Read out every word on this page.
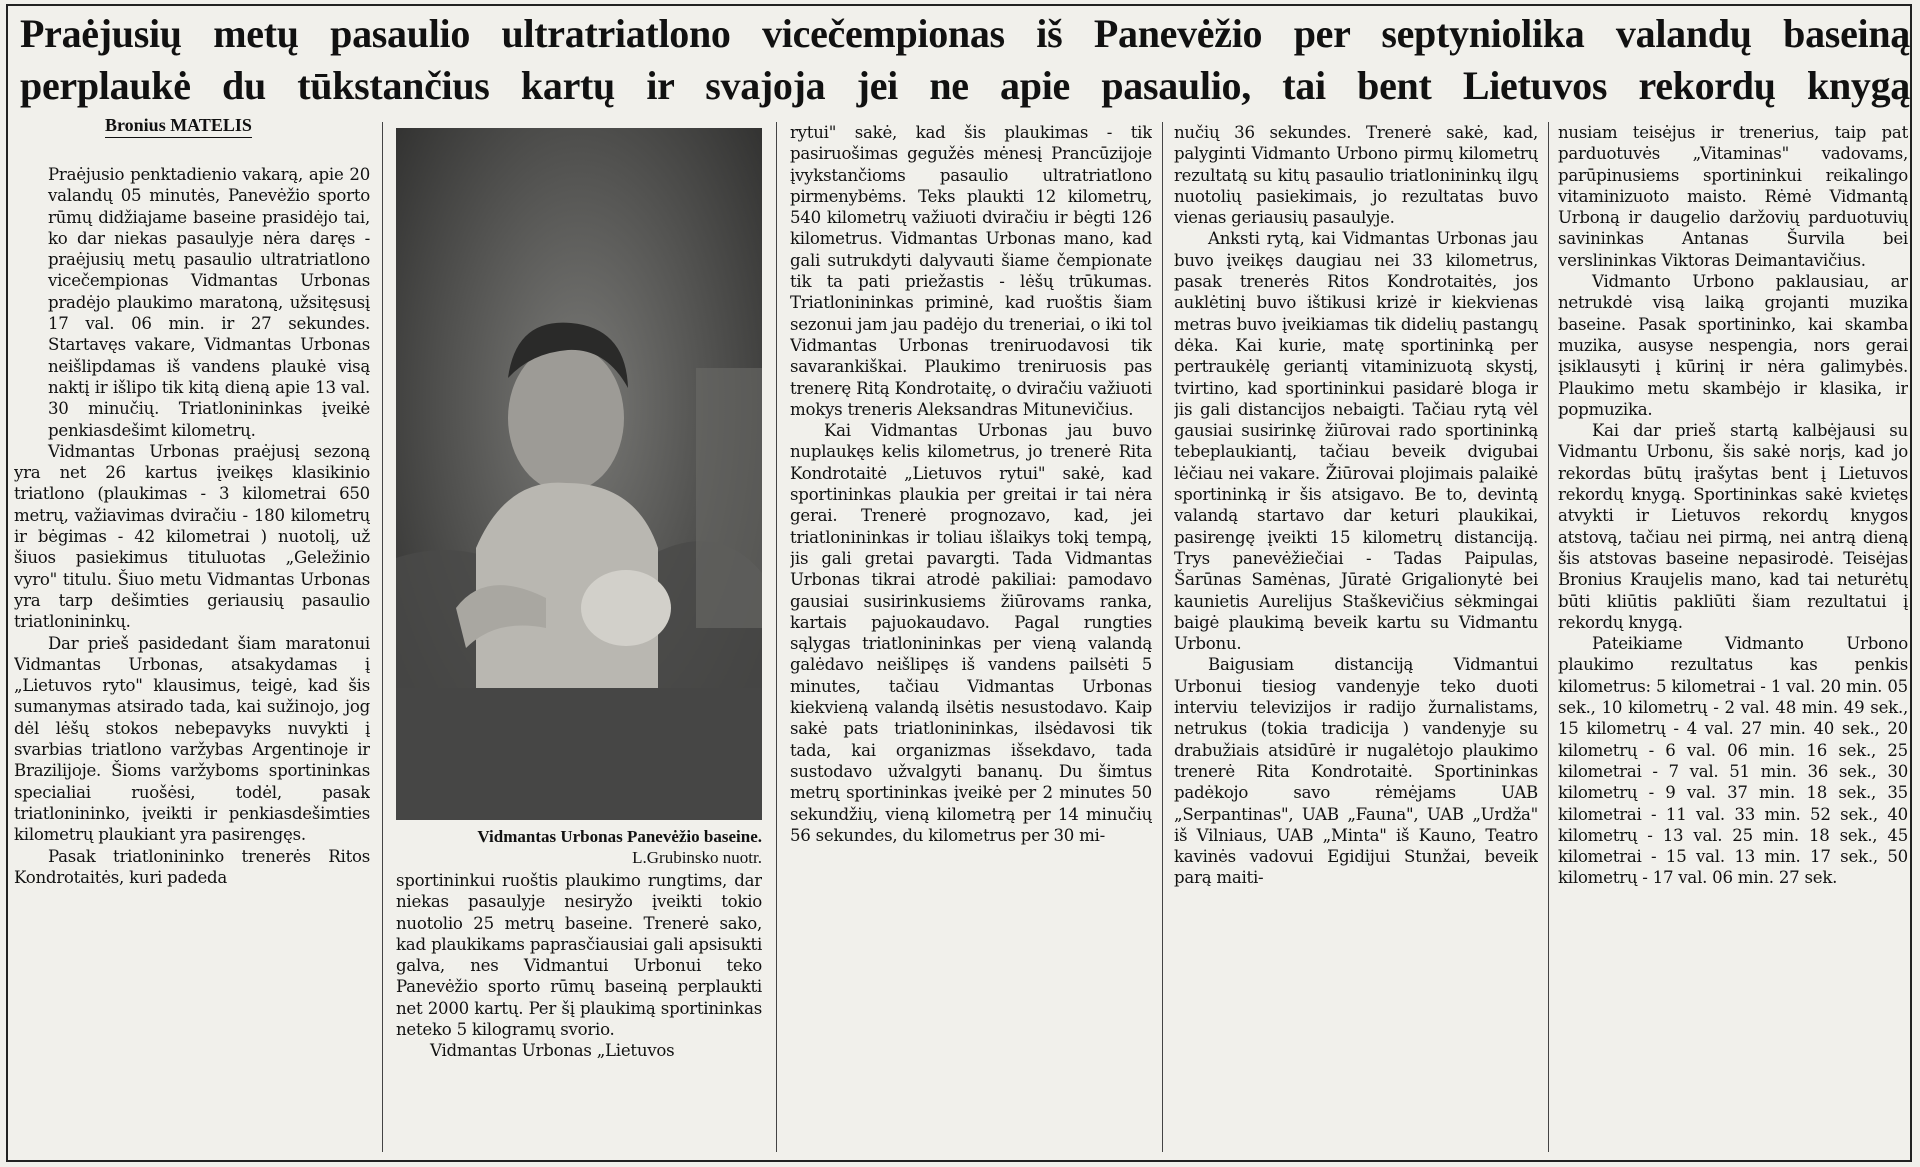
Praėjusių metų pasaulio ultratriatlono vicečempionas iš Panevėžio per septyniolika valandų baseiną
perplaukė du tūkstančius kartų ir svajoja jei ne apie pasaulio, tai bent Lietuvos rekordų knygą
Bronius MATELIS

Praėjusio penktadienio vakarą, apie 20 valandų 05 minutės, Panevėžio sporto rūmų didžiajame baseine prasidėjo tai, ko dar niekas pasaulyje nėra daręs - praėjusių metų pasaulio ultratriatlono vicečempionas Vidmantas Urbonas pradėjo plaukimo maratoną, užsitęsusį 17 val. 06 min. ir 27 sekundes. Startavęs vakare, Vidmantas Urbonas neišlipdamas iš vandens plaukė visą naktį ir išlipo tik kitą dieną apie 13 val. 30 minučių. Triatlonininkas įveikė penkiasdešimt kilometrų.

Vidmantas Urbonas praėjusį sezoną yra net 26 kartus įveikęs klasikinio triatlono (plaukimas - 3 kilometrai 650 metrų, važiavimas dviračiu - 180 kilometrų ir bėgimas - 42 kilometrai ) nuotolį, už šiuos pasiekimus tituluotas „Geležinio vyro" titulu. Šiuo metu Vidmantas Urbonas yra tarp dešimties geriausių pasaulio triatlonininkų.

Dar prieš pasidedant šiam maratonui Vidmantas Urbonas, atsakydamas į „Lietuvos ryto" klausimus, teigė, kad šis sumanymas atsirado tada, kai sužinojo, jog dėl lėšų stokos nebepavyks nuvykti į svarbias triatlono varžybas Argentinoje ir Brazilijoje. Šioms varžyboms sportininkas specialiai ruošėsi, todėl, pasak triatlonininko, įveikti ir penkiasdešimties kilometrų plaukiant yra pasirengęs.

Pasak triatlonininko trenerės Ritos Kondrotaitės, kuri padeda

Vidmantas Urbonas Panevėžio baseine.
L.Grubinsko nuotr.

sportininkui ruoštis plaukimo rungtims, dar niekas pasaulyje nesiryžo įveikti tokio nuotolio 25 metrų baseine. Trenerė sako, kad plaukikams paprasčiausiai gali apsisukti galva, nes Vidmantui Urbonui teko Panevėžio sporto rūmų baseiną perplaukti net 2000 kartų. Per šį plaukimą sportininkas neteko 5 kilogramų svorio.

Vidmantas Urbonas „Lietuvos

rytui" sakė, kad šis plaukimas - tik pasiruošimas gegužės mėnesį Prancūzijoje įvykstančioms pasaulio ultratriatlono pirmenybėms. Teks plaukti 12 kilometrų, 540 kilometrų važiuoti dviračiu ir bėgti 126 kilometrus. Vidmantas Urbonas mano, kad gali sutrukdyti dalyvauti šiame čempionate tik ta pati priežastis - lėšų trūkumas. Triatlonininkas priminė, kad ruoštis šiam sezonui jam jau padėjo du treneriai, o iki tol Vidmantas Urbonas treniruodavosi tik savarankiškai. Plaukimo treniruosis pas trenerę Ritą Kondrotaitę, o dviračiu važiuoti mokys treneris Aleksandras Mitunevičius.

Kai Vidmantas Urbonas jau buvo nuplaukęs kelis kilometrus, jo trenerė Rita Kondrotaitė „Lietuvos rytui" sakė, kad sportininkas plaukia per greitai ir tai nėra gerai. Trenerė prognozavo, kad, jei triatlonininkas ir toliau išlaikys tokį tempą, jis gali gretai pavargti. Tada Vidmantas Urbonas tikrai atrodė pakiliai: pamodavo gausiai susirinkusiems žiūrovams ranka, kartais pajuokaudavo. Pagal rungties sąlygas triatlonininkas per vieną valandą galėdavo neišlipęs iš vandens pailsėti 5 minutes, tačiau Vidmantas Urbonas kiekvieną valandą ilsėtis nesustodavo. Kaip sakė pats triatlonininkas, ilsėdavosi tik tada, kai organizmas išsekdavo, tada sustodavo užvalgyti bananų. Du šimtus metrų sportininkas įveikė per 2 minutes 50 sekundžių, vieną kilometrą per 14 minučių 56 sekundes, du kilometrus per 30 mi-

nučių 36 sekundes. Trenerė sakė, kad, palyginti Vidmanto Urbono pirmų kilometrų rezultatą su kitų pasaulio triatlonininkų ilgų nuotolių pasiekimais, jo rezultatas buvo vienas geriausių pasaulyje.

Anksti rytą, kai Vidmantas Urbonas jau buvo įveikęs daugiau nei 33 kilometrus, pasak trenerės Ritos Kondrotaitės, jos auklėtinį buvo ištikusi krizė ir kiekvienas metras buvo įveikiamas tik didelių pastangų dėka. Kai kurie, matę sportininką per pertraukėlę geriantį vitaminizuotą skystį, tvirtino, kad sportininkui pasidarė bloga ir jis gali distancijos nebaigti. Tačiau rytą vėl gausiai susirinkę žiūrovai rado sportininką tebeplaukiantį, tačiau beveik dvigubai lėčiau nei vakare. Žiūrovai plojimais palaikė sportininką ir šis atsigavo. Be to, devintą valandą startavo dar keturi plaukikai, pasirengę įveikti 15 kilometrų distanciją. Trys panevėžiečiai - Tadas Paipulas, Šarūnas Samėnas, Jūratė Grigalionytė bei kaunietis Aurelijus Staškevičius sėkmingai baigė plaukimą beveik kartu su Vidmantu Urbonu.

Baigusiam distanciją Vidmantui Urbonui tiesiog vandenyje teko duoti interviu televizijos ir radijo žurnalistams, netrukus (tokia tradicija ) vandenyje su drabužiais atsidūrė ir nugalėtojo plaukimo trenerė Rita Kondrotaitė. Sportininkas padėkojo savo rėmėjams UAB „Serpantinas", UAB „Fauna", UAB „Urdža" iš Vilniaus, UAB „Minta" iš Kauno, Teatro kavinės vadovui Egidijui Stunžai, beveik parą maiti-

nusiam teisėjus ir trenerius, taip pat parduotuvės „Vitaminas" vadovams, parūpinusiems sportininkui reikalingo vitaminizuoto maisto. Rėmė Vidmantą Urboną ir daugelio daržovių parduotuvių savininkas Antanas Šurvila bei verslininkas Viktoras Deimantavičius.

Vidmanto Urbono paklausiau, ar netrukdė visą laiką grojanti muzika baseine. Pasak sportininko, kai skamba muzika, ausyse nespengia, nors gerai įsiklausyti į kūrinį ir nėra galimybės. Plaukimo metu skambėjo ir klasika, ir popmuzika.

Kai dar prieš startą kalbėjausi su Vidmantu Urbonu, šis sakė norįs, kad jo rekordas būtų įrašytas bent į Lietuvos rekordų knygą. Sportininkas sakė kvietęs atvykti ir Lietuvos rekordų knygos atstovą, tačiau nei pirmą, nei antrą dieną šis atstovas baseine nepasirodė. Teisėjas Bronius Kraujelis mano, kad tai neturėtų būti kliūtis pakliūti šiam rezultatui į rekordų knygą.

Pateikiame Vidmanto Urbono plaukimo rezultatus kas penkis kilometrus: 5 kilometrai - 1 val. 20 min. 05 sek., 10 kilometrų - 2 val. 48 min. 49 sek., 15 kilometrų - 4 val. 27 min. 40 sek., 20 kilometrų - 6 val. 06 min. 16 sek., 25 kilometrai - 7 val. 51 min. 36 sek., 30 kilometrų - 9 val. 37 min. 18 sek., 35 kilometrai - 11 val. 33 min. 52 sek., 40 kilometrų - 13 val. 25 min. 18 sek., 45 kilometrai - 15 val. 13 min. 17 sek., 50 kilometrų - 17 val. 06 min. 27 sek.
